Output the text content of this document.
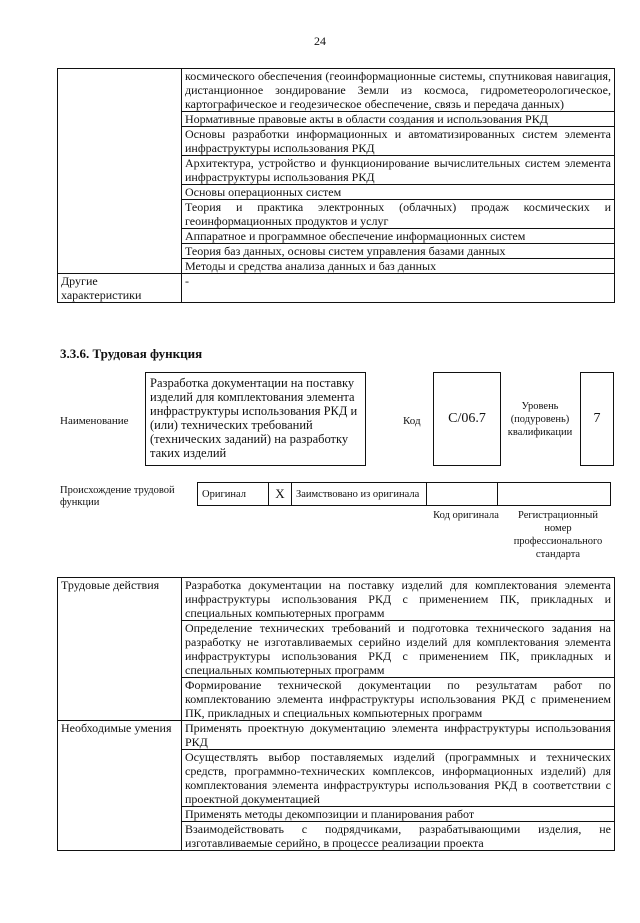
24
	космического обеспечения (геоинформационные системы, спутниковая навигация, дистанционное зондирование Земли из космоса, гидрометеорологическое, картографическое и геодезическое обеспечение, связь и передача данных)
	Нормативные правовые акты в области создания и использования РКД
	Основы разработки информационных и автоматизированных систем элемента инфраструктуры использования РКД
	Архитектура, устройство и функционирование вычислительных систем элемента инфраструктуры использования РКД
	Основы операционных систем
	Теория и практика электронных (облачных) продаж космических и геоинформационных продуктов и услуг
	Аппаратное и программное обеспечение информационных систем
	Теория баз данных, основы систем управления базами данных
	Методы и средства анализа данных и баз данных
Другие характеристики	-
3.3.6. Трудовая функция
Наименование
Разработка документации на поставку изделий для комплектования элемента инфраструктуры использования РКД и (или) технических требований (технических заданий) на разработку таких изделий
Код	C/06.7
Уровень (подуровень) квалификации
7
Происхождение трудовой функции
Оригинал	X	Заимствовано из оригинала		
Код оригинала	Регистрационный номер профессионального стандарта
Трудовые действия	Разработка документации на поставку изделий для комплектования элемента инфраструктуры использования РКД с применением ПК, прикладных и специальных компьютерных программ
	Определение технических требований и подготовка технического задания на разработку не изготавливаемых серийно изделий для комплектования элемента инфраструктуры использования РКД с применением ПК, прикладных и специальных компьютерных программ
	Формирование технической документации по результатам работ по комплектованию элемента инфраструктуры использования РКД с применением ПК, прикладных и специальных компьютерных программ
Необходимые умения	Применять проектную документацию элемента инфраструктуры использования РКД
	Осуществлять выбор поставляемых изделий (программных и технических средств, программно-технических комплексов, информационных изделий) для комплектования элемента инфраструктуры использования РКД в соответствии с проектной документацией
	Применять методы декомпозиции и планирования работ
	Взаимодействовать с подрядчиками, разрабатывающими изделия, не изготавливаемые серийно, в процессе реализации проекта
